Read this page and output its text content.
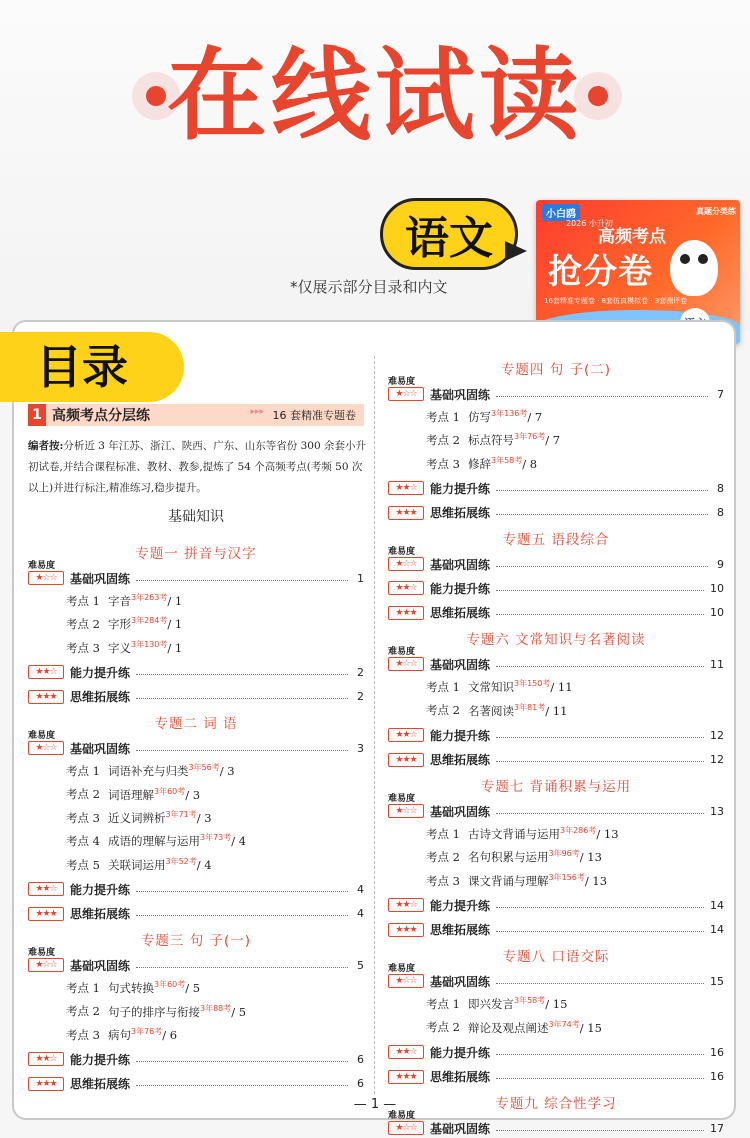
在线试读
语文
*仅展示部分目录和内文
小白鸥
2026 小升初
高频考点
抢分卷
16套精准专题卷 · 8套仿真模拟卷 · 3套测评卷
真题分类练
目录
1 高频考点分层练	▸▸▸ 16 套精准专题卷
编者按:分析近 3 年江苏、浙江、陕西、广东、山东等省份 300 余套小升初试卷,并结合课程标准、教材、教参,提炼了 54 个高频考点(考频 50 次以上)并进行标注,精准练习,稳步提升。
基础知识
专题一 拼音与汉字
难易度
★☆☆	基础巩固练	1
考点 1 字音$^{3年263考}$/ 1
考点 2 字形$^{3年284考}$/ 1
考点 3 字义$^{3年130考}$/ 1
★★☆	能力提升练	2
★★★	思维拓展练	2
专题二 词 语
难易度
★☆☆	基础巩固练	3
考点 1 词语补充与归类$^{3年56考}$/ 3
考点 2 词语理解$^{3年60考}$/ 3
考点 3 近义词辨析$^{3年71考}$/ 3
考点 4 成语的理解与运用$^{3年73考}$/ 4
考点 5 关联词运用$^{3年52考}$/ 4
★★☆	能力提升练	4
★★★	思维拓展练	4
专题三 句 子(一)
难易度
★☆☆	基础巩固练	5
考点 1 句式转换$^{3年60考}$/ 5
考点 2 句子的排序与衔接$^{3年88考}$/ 5
考点 3 病句$^{3年76考}$/ 6
★★☆	能力提升练	6
★★★	思维拓展练	6
专题四 句 子(二)
难易度
★☆☆	基础巩固练	7
考点 1 仿写$^{3年136考}$/ 7
考点 2 标点符号$^{3年76考}$/ 7
考点 3 修辞$^{3年58考}$/ 8
★★☆	能力提升练	8
★★★	思维拓展练	8
专题五 语段综合
难易度
★☆☆	基础巩固练	9
★★☆	能力提升练	10
★★★	思维拓展练	10
专题六 文常知识与名著阅读
难易度
★☆☆	基础巩固练	11
考点 1 文常知识$^{3年150考}$/ 11
考点 2 名著阅读$^{3年81考}$/ 11
★★☆	能力提升练	12
★★★	思维拓展练	12
专题七 背诵积累与运用
难易度
★☆☆	基础巩固练	13
考点 1 古诗文背诵与运用$^{3年286考}$/ 13
考点 2 名句积累与运用$^{3年96考}$/ 13
考点 3 课文背诵与理解$^{3年156考}$/ 13
★★☆	能力提升练	14
★★★	思维拓展练	14
专题八 口语交际
难易度
★☆☆	基础巩固练	15
考点 1 即兴发言$^{3年58考}$/ 15
考点 2 辩论及观点阐述$^{3年74考}$/ 15
★★☆	能力提升练	16
★★★	思维拓展练	16
专题九 综合性学习
难易度
★☆☆	基础巩固练	17
— 1 —
